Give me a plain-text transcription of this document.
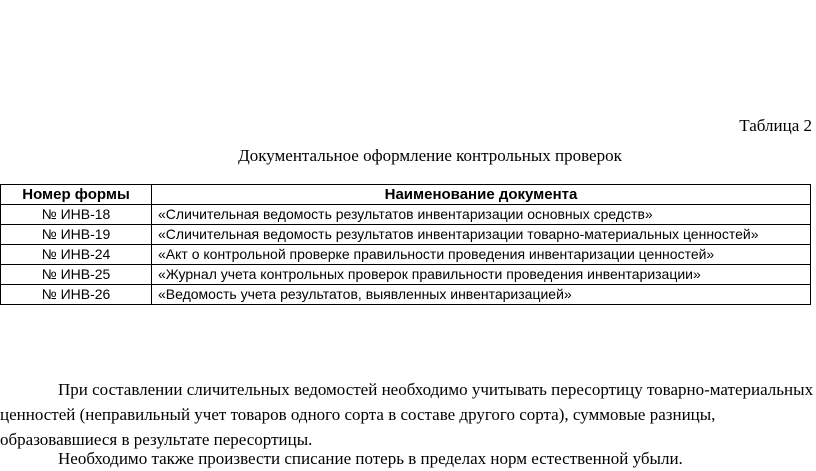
Таблица 2
Документальное оформление контрольных проверок
Номер формы	Наименование документа
№ ИНВ-18	«Сличительная ведомость результатов инвентаризации основных средств»
№ ИНВ-19	«Сличительная ведомость результатов инвентаризации товарно-материальных ценностей»
№ ИНВ-24	«Акт о контрольной проверке правильности проведения инвентаризации ценностей»
№ ИНВ-25	«Журнал учета контрольных проверок правильности проведения инвентаризации»
№ ИНВ-26	«Ведомость учета результатов, выявленных инвентаризацией»

При составлении сличительных ведомостей необходимо учитывать пересортицу товарно-материальных ценностей (неправильный учет товаров одного сорта в составе другого сорта), суммовые разницы, образовавшиеся в результате пересортицы.

Необходимо также произвести списание потерь в пределах норм естественной убыли.
